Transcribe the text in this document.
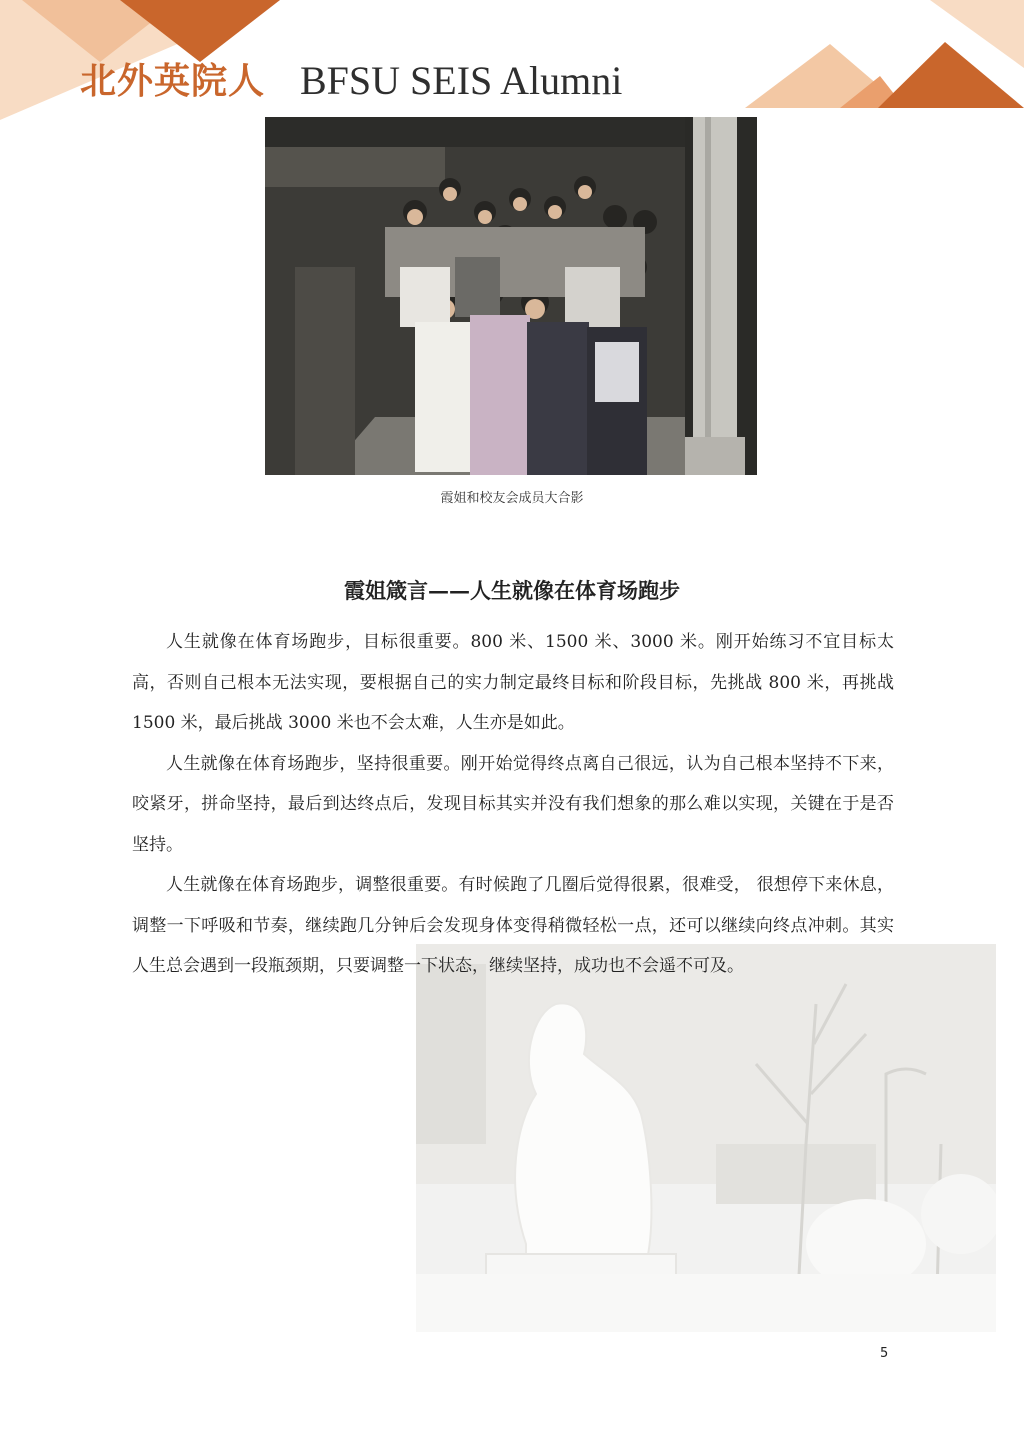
北外英院人 BFSU SEIS Alumni
霞姐和校友会成员大合影
霞姐箴言——人生就像在体育场跑步

人生就像在体育场跑步，目标很重要。800 米、1500 米、3000 米。刚开始练习不宜目标太高，否则自己根本无法实现，要根据自己的实力制定最终目标和阶段目标，先挑战 800 米，再挑战 1500 米，最后挑战 3000 米也不会太难，人生亦是如此。

人生就像在体育场跑步，坚持很重要。刚开始觉得终点离自己很远，认为自己根本坚持不下来，咬紧牙，拼命坚持，最后到达终点后，发现目标其实并没有我们想象的那么难以实现，关键在于是否坚持。

人生就像在体育场跑步，调整很重要。有时候跑了几圈后觉得很累，很难受， 很想停下来休息，调整一下呼吸和节奏，继续跑几分钟后会发现身体变得稍微轻松一点，还可以继续向终点冲刺。其实人生总会遇到一段瓶颈期，只要调整一下状态，继续坚持，成功也不会遥不可及。

5
